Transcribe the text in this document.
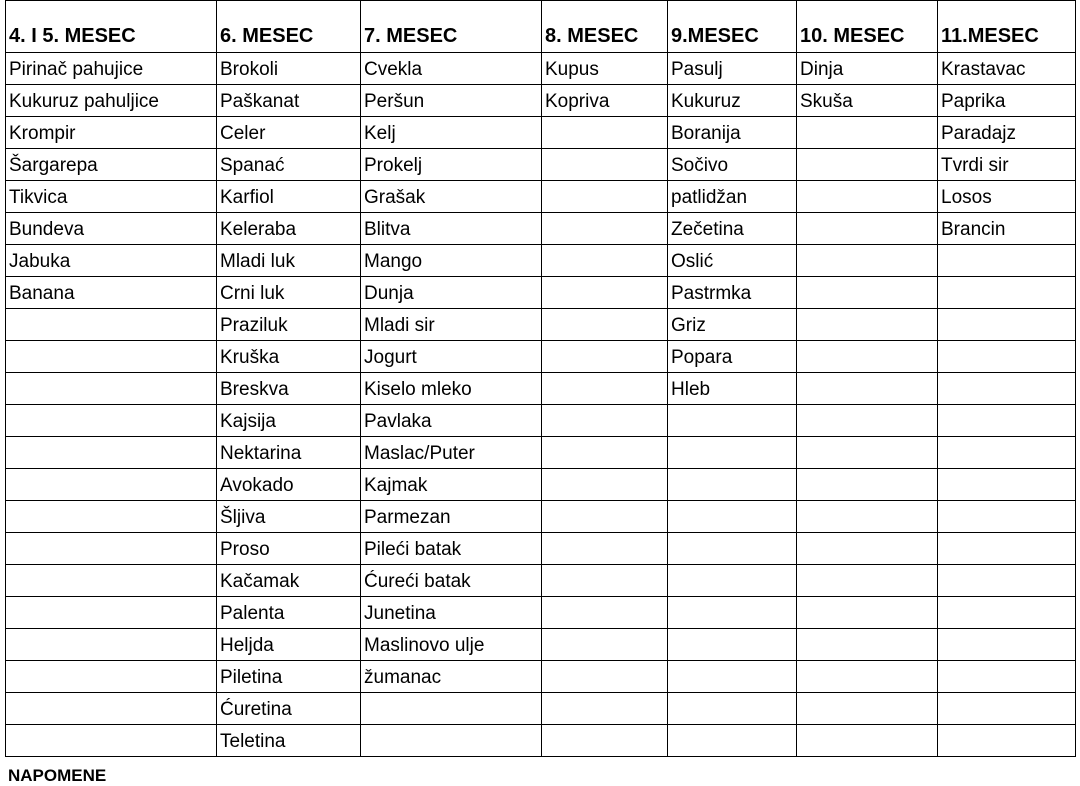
4. I 5. MESEC	6. MESEC	7. MESEC	8. MESEC	9.MESEC	10. MESEC	11.MESEC
Pirinač pahujice	Brokoli	Cvekla	Kupus	Pasulj	Dinja	Krastavac
Kukuruz pahuljice	Paškanat	Peršun	Kopriva	Kukuruz	Skuša	Paprika
Krompir	Celer	Kelj		Boranija		Paradajz
Šargarepa	Spanać	Prokelj		Sočivo		Tvrdi sir
Tikvica	Karfiol	Grašak		patlidžan		Losos
Bundeva	Keleraba	Blitva		Zečetina		Brancin
Jabuka	Mladi luk	Mango		Oslić		
Banana	Crni luk	Dunja		Pastrmka		
	Praziluk	Mladi sir		Griz		
	Kruška	Jogurt		Popara		
	Breskva	Kiselo mleko		Hleb		
	Kajsija	Pavlaka				
	Nektarina	Maslac/Puter				
	Avokado	Kajmak				
	Šljiva	Parmezan				
	Proso	Pileći batak				
	Kačamak	Ćureći batak				
	Palenta	Junetina				
	Heljda	Maslinovo ulje				
	Piletina	žumanac				
	Ćuretina					
	Teletina					
NAPOMENE
